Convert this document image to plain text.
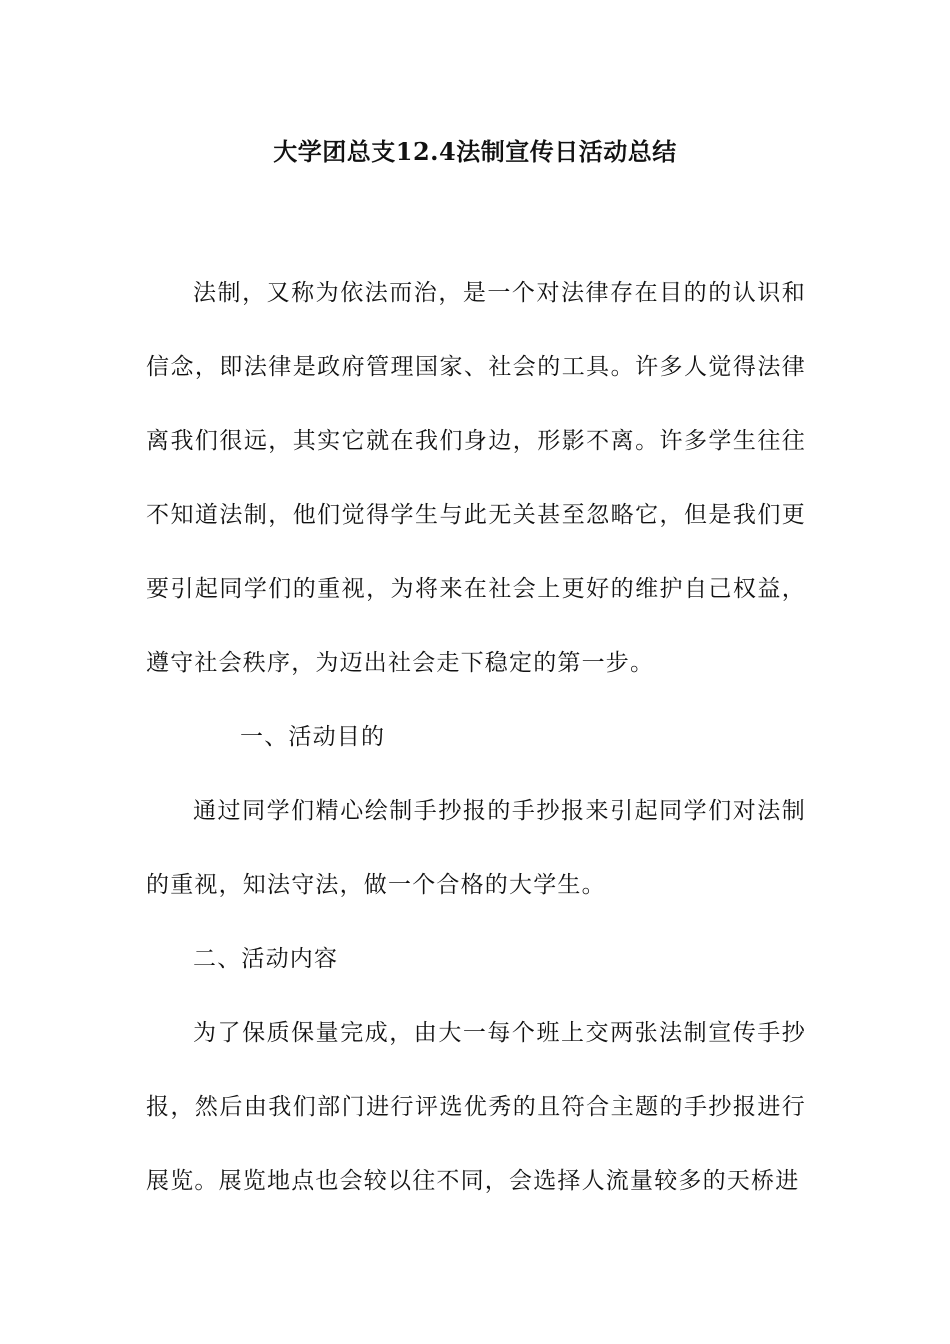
大学团总支12.4法制宣传日活动总结

法制，又称为依法而治，是一个对法律存在目的的认识和信念，即法律是政府管理国家、社会的工具。许多人觉得法律离我们很远，其实它就在我们身边，形影不离。许多学生往往不知道法制，他们觉得学生与此无关甚至忽略它，但是我们更要引起同学们的重视，为将来在社会上更好的维护自己权益，遵守社会秩序，为迈出社会走下稳定的第一步。

一、活动目的

通过同学们精心绘制手抄报的手抄报来引起同学们对法制的重视，知法守法，做一个合格的大学生。

二、活动内容

为了保质保量完成，由大一每个班上交两张法制宣传手抄报，然后由我们部门进行评选优秀的且符合主题的手抄报进行展览。展览地点也会较以往不同，会选择人流量较多的天桥进
